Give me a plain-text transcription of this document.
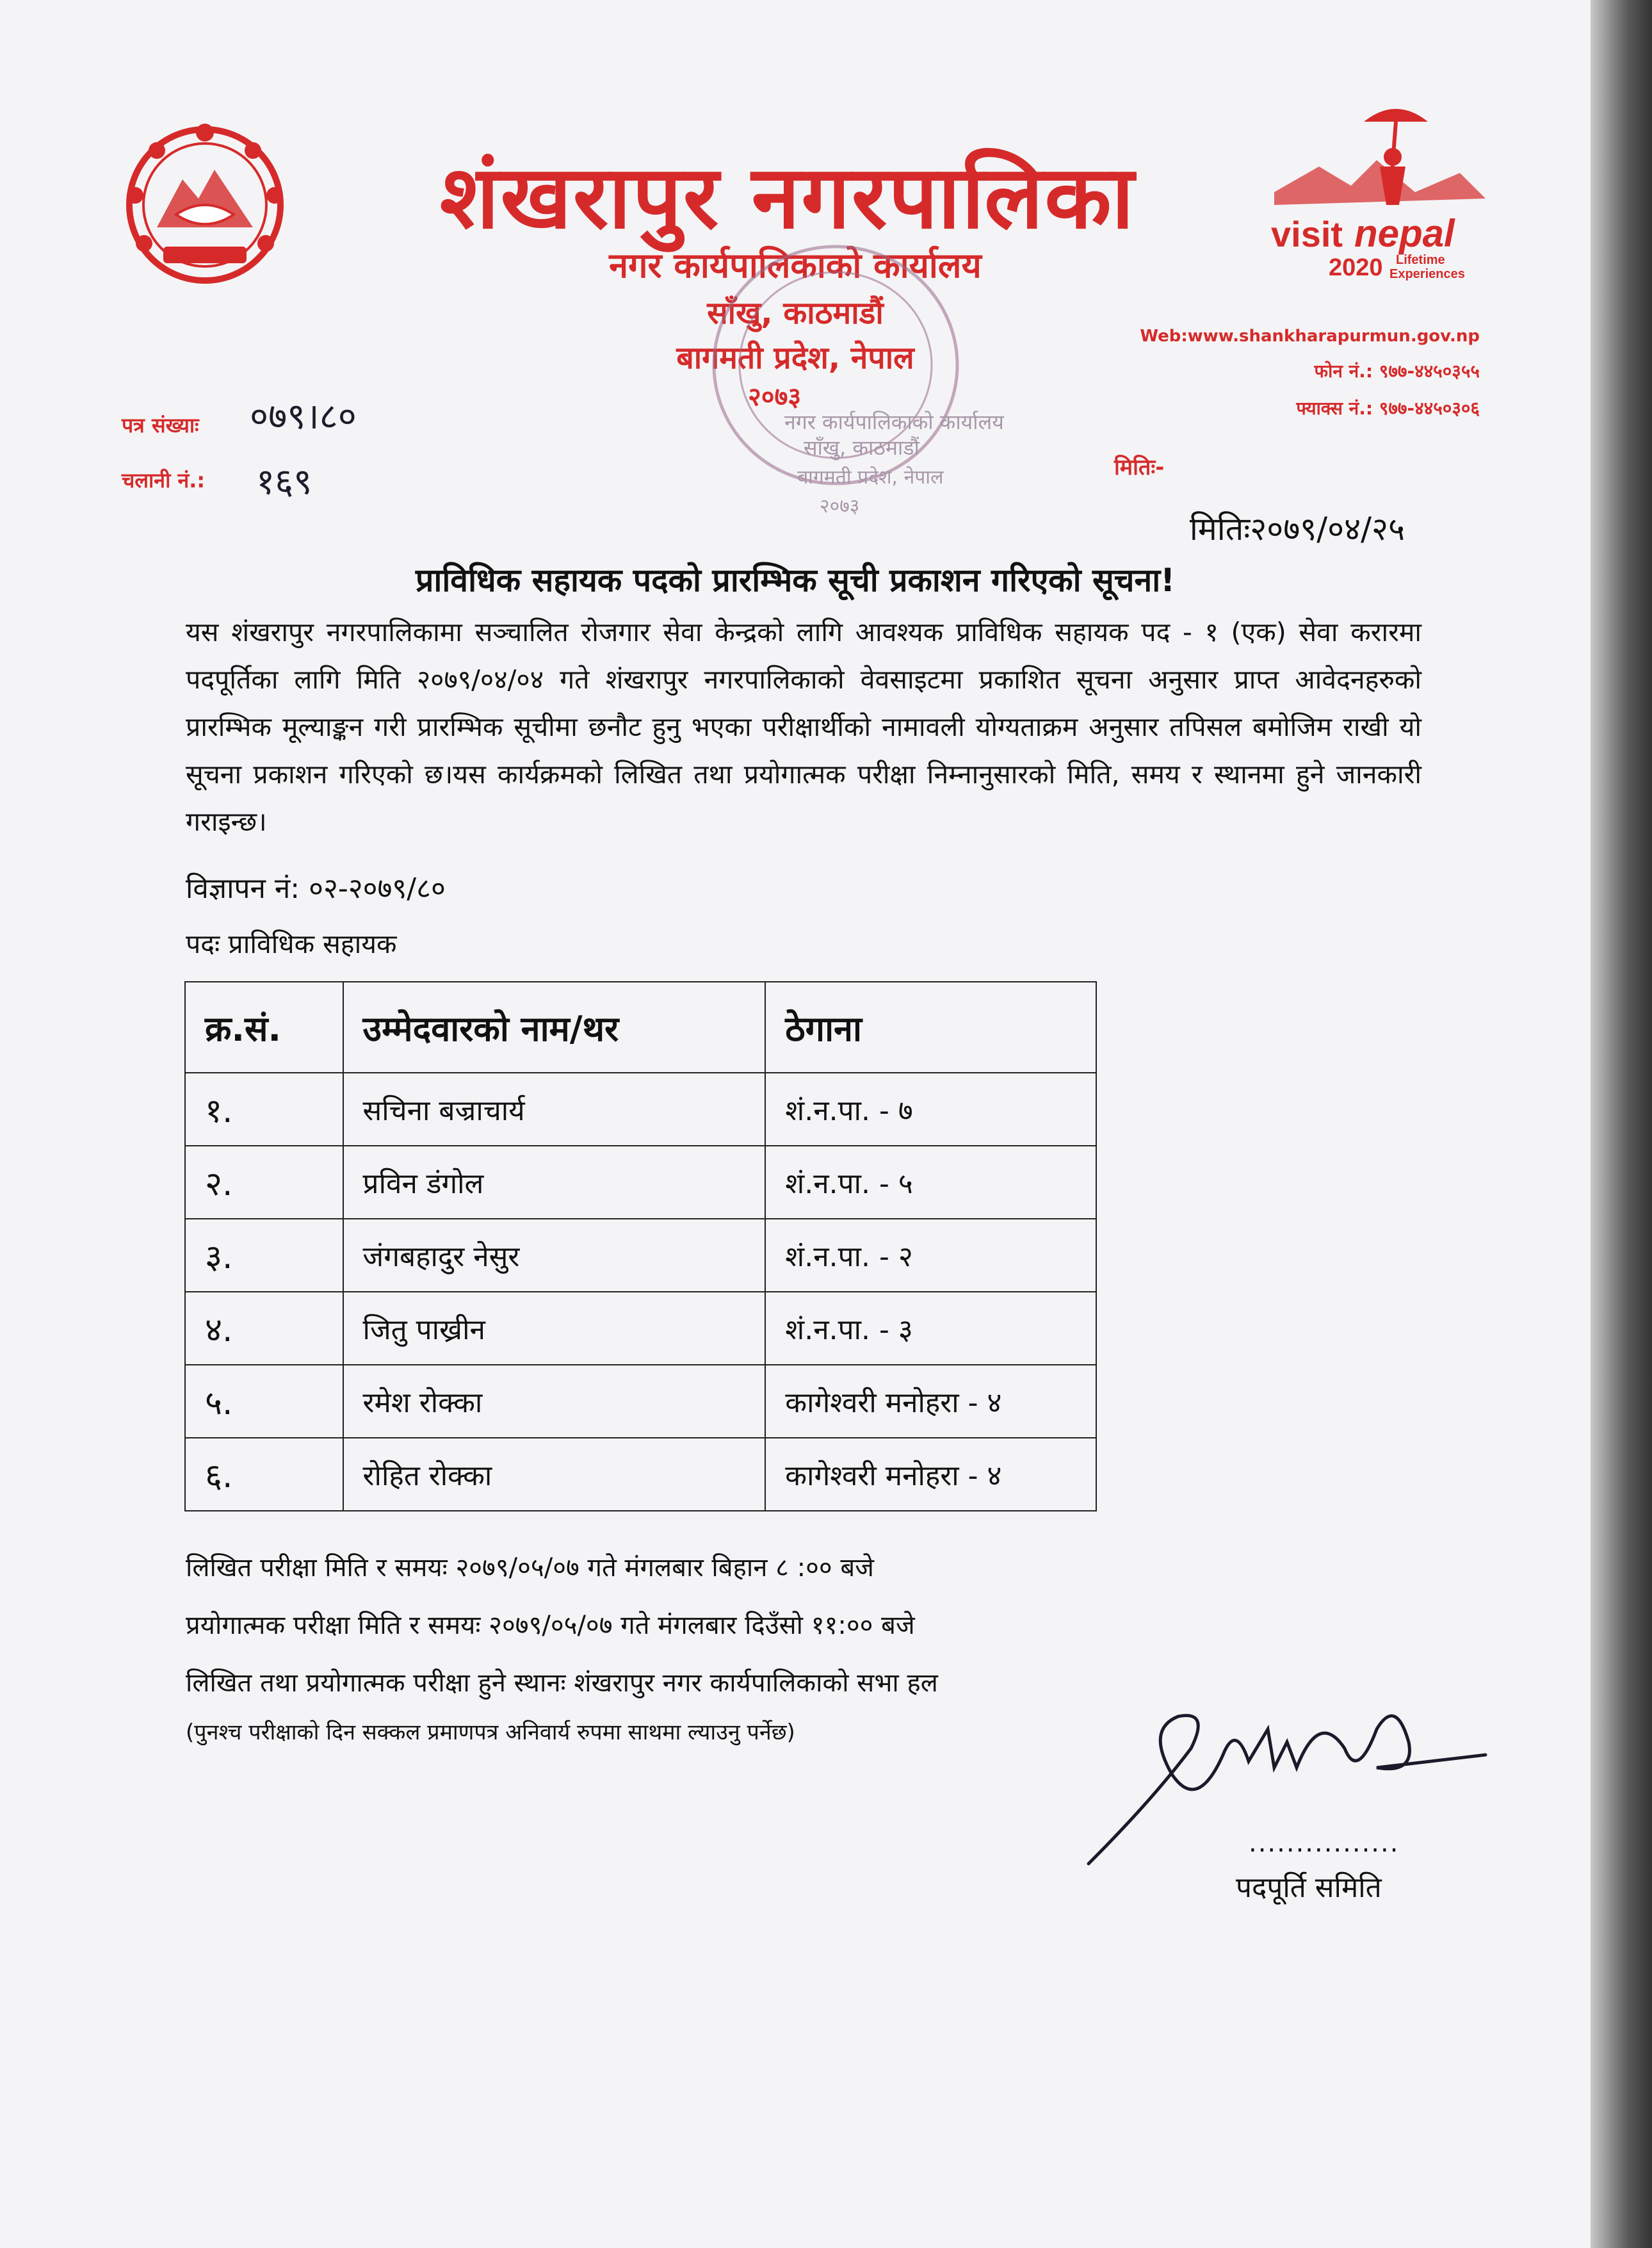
शंखरापुर नगरपालिका
नगर कार्यपालिकाको कार्यालय
साँखु, काठमाडौं
बागमती प्रदेश, नेपाल
२०७३
नगर कार्यपालिकाको कार्यालय
साँखु, काठमाडौं
बागमती प्रदेश, नेपाल
२०७३
visit nepal
2020 Lifetime
Experiences
Web:www.shankharapurmun.gov.np
फोन नं.: ९७७-४४५०३५५
फ्याक्स नं.: ९७७-४४५०३०६
पत्र संख्याः ०७९।८०
चलानी नं.: १६९	मितिः-
मितिः२०७९/०४/२५
प्राविधिक सहायक पदको प्रारम्भिक सूची प्रकाशन गरिएको सूचना!

यस शंखरापुर नगरपालिकामा सञ्चालित रोजगार सेवा केन्द्रको लागि आवश्यक प्राविधिक सहायक पद - १ (एक) सेवा करारमा पदपूर्तिका लागि मिति २०७९/०४/०४ गते शंखरापुर नगरपालिकाको वेवसाइटमा प्रकाशित सूचना अनुसार प्राप्त आवेदनहरुको प्रारम्भिक मूल्याङ्कन गरी प्रारम्भिक सूचीमा छनौट हुनु भएका परीक्षार्थीको नामावली योग्यताक्रम अनुसार तपिसल बमोजिम राखी यो सूचना प्रकाशन गरिएको छ।यस कार्यक्रमको लिखित तथा प्रयोगात्मक परीक्षा निम्नानुसारको मिति, समय र स्थानमा हुने जानकारी गराइन्छ।

विज्ञापन नं: ०२-२०७९/८०
पदः प्राविधिक सहायक
क्र.सं.	उम्मेदवारको नाम/थर	ठेगाना
१.	सचिना बज्राचार्य	शं.न.पा. - ७
२.	प्रविन डंगोल	शं.न.पा. - ५
३.	जंगबहादुर नेसुर	शं.न.पा. - २
४.	जितु पाख्रीन	शं.न.पा. - ३
५.	रमेश रोक्का	कागेश्वरी मनोहरा - ४
६.	रोहित रोक्का	कागेश्वरी मनोहरा - ४
लिखित परीक्षा मिति र समयः २०७९/०५/०७ गते मंगलबार बिहान ८ :०० बजे
प्रयोगात्मक परीक्षा मिति र समयः २०७९/०५/०७ गते मंगलबार दिउँसो ११:०० बजे
लिखित तथा प्रयोगात्मक परीक्षा हुने स्थानः शंखरापुर नगर कार्यपालिकाको सभा हल
(पुनश्च परीक्षाको दिन सक्कल प्रमाणपत्र अनिवार्य रुपमा साथमा ल्याउनु पर्नेछ)
................
पदपूर्ति समिति
